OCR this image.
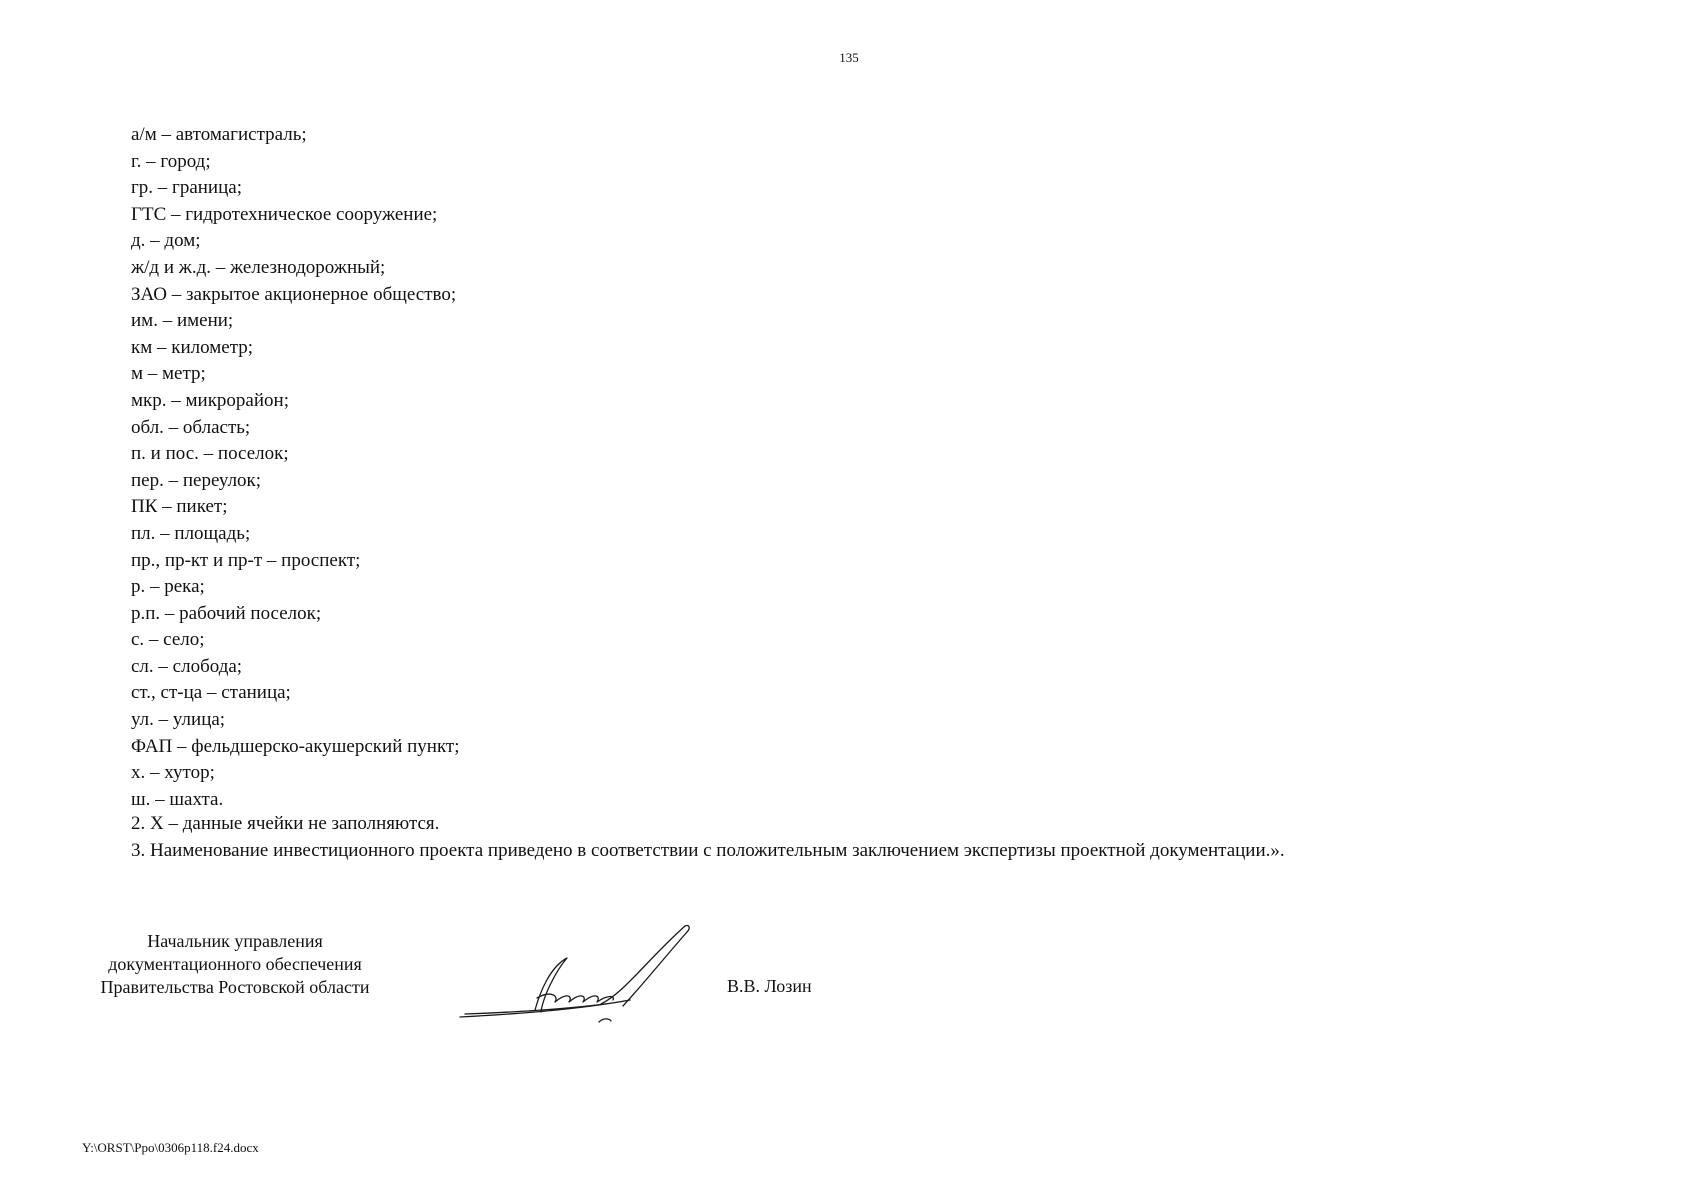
135
а/м – автомагистраль;
г. – город;
гр. – граница;
ГТС – гидротехническое сооружение;
д. – дом;
ж/д и ж.д. – железнодорожный;
ЗАО – закрытое акционерное общество;
им. – имени;
км – километр;
м – метр;
мкр. – микрорайон;
обл. – область;
п. и пос. – поселок;
пер. – переулок;
ПК – пикет;
пл. – площадь;
пр., пр-кт и пр-т – проспект;
р. – река;
р.п. – рабочий поселок;
с. – село;
сл. – слобода;
ст., ст-ца – станица;
ул. – улица;
ФАП – фельдшерско-акушерский пункт;
х. – хутор;
ш. – шахта.
2. Х – данные ячейки не заполняются.
3. Наименование инвестиционного проекта приведено в соответствии с положительным заключением экспертизы проектной документации.».
Начальник управления
документационного обеспечения
Правительства Ростовской области	В.В. Лозин
Y:\ORST\Ppo\0306p118.f24.docx
